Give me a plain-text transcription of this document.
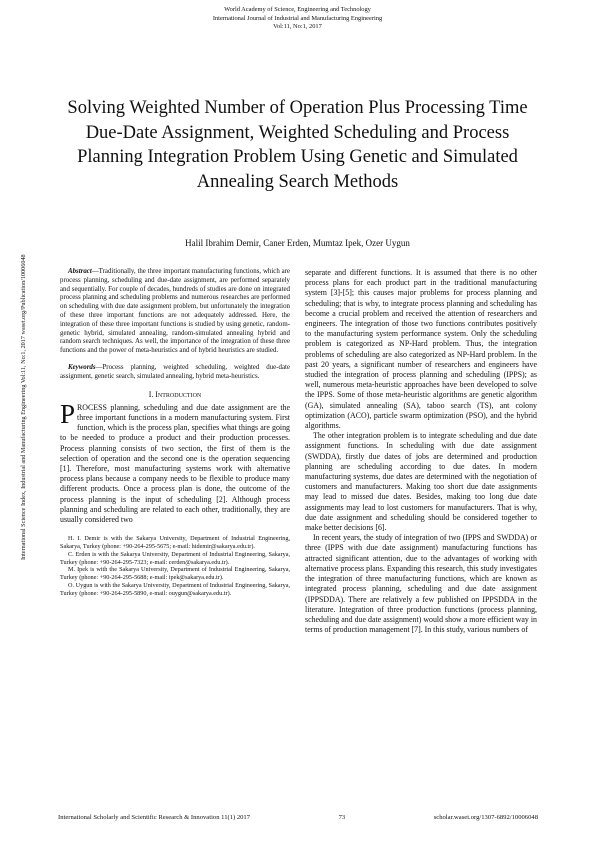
World Academy of Science, Engineering and Technology
International Journal of Industrial and Manufacturing Engineering
Vol:11, No:1, 2017
International Science Index, Industrial and Manufacturing Engineering Vol:11, No:1, 2017 waset.org/Publication/10006048
Solving Weighted Number of Operation Plus Processing Time Due-Date Assignment, Weighted Scheduling and Process Planning Integration Problem Using Genetic and Simulated Annealing Search Methods
Halil Ibrahim Demir, Caner Erden, Mumtaz Ipek, Ozer Uygun

Abstract—Traditionally, the three important manufacturing functions, which are process planning, scheduling and due-date assignment, are performed separately and sequentially. For couple of decades, hundreds of studies are done on integrated process planning and scheduling problems and numerous researches are performed on scheduling with due date assignment problem, but unfortunately the integration of these three important functions are not adequately addressed. Here, the integration of these three important functions is studied by using genetic, random-genetic hybrid, simulated annealing, random-simulated annealing hybrid and random search techniques. As well, the importance of the integration of these three functions and the power of meta-heuristics and of hybrid heuristics are studied.

Keywords—Process planning, weighted scheduling, weighted due-date assignment, genetic search, simulated annealing, hybrid meta-heuristics.

I. Introduction

PROCESS planning, scheduling and due date assignment are the three important functions in a modern manufacturing system. First function, which is the process plan, specifies what things are going to be needed to produce a product and their production processes. Process planning consists of two section, the first of them is the selection of operation and the second one is the operation sequencing [1]. Therefore, most manufacturing systems work with alternative process plans because a company needs to be flexible to produce many different products. Once a process plan is done, the outcome of the process planning is the input of scheduling [2]. Although process planning and scheduling are related to each other, traditionally, they are usually considered two

H. I. Demir is with the Sakarya University, Department of Industrial Engineering, Sakarya, Turkey (phone: +90-264-295-5675; e-mail: hidemir@sakarya.edu.tr).

C. Erden is with the Sakarya University, Department of Industrial Engineering, Sakarya, Turkey (phone: +90-264-295-7323; e-mail: cerden@sakarya.edu.tr).

M. Ipek is with the Sakarya University, Department of Industrial Engineering, Sakarya, Turkey (phone: +90-264-295-5688; e-mail: ipek@sakarya.edu.tr).

O. Uygun is with the Sakarya University, Department of Industrial Engineering, Sakarya, Turkey (phone: +90-264-295-5890, e-mail: ouygun@sakarya.edu.tr).

separate and different functions. It is assumed that there is no other process plans for each product part in the traditional manufacturing system [3]-[5]; this causes major problems for process planning and scheduling; that is why, to integrate process planning and scheduling has become a crucial problem and received the attention of researchers and engineers. The integration of those two functions contributes positively to the manufacturing system performance system. Only the scheduling problem is categorized as NP-Hard problem. Thus, the integration problems of scheduling are also categorized as NP-Hard problem. In the past 20 years, a significant number of researchers and engineers have studied the integration of process planning and scheduling (IPPS); as well, numerous meta-heuristic approaches have been developed to solve the IPPS. Some of those meta-heuristic algorithms are genetic algorithm (GA), simulated annealing (SA), taboo search (TS), ant colony optimization (ACO), particle swarm optimization (PSO), and the hybrid algorithms.

The other integration problem is to integrate scheduling and due date assignment functions. In scheduling with due date assignment (SWDDA), firstly due dates of jobs are determined and production planning are scheduling according to due dates. In modern manufacturing systems, due dates are determined with the negotiation of customers and manufacturers. Making too short due date assignments may lead to missed due dates. Besides, making too long due date assignments may lead to lost customers for manufacturers. That is why, due date assignment and scheduling should be considered together to make better decisions [6].

In recent years, the study of integration of two (IPPS and SWDDA) or three (IPPS with due date assignment) manufacturing functions has attracted significant attention, due to the advantages of working with alternative process plans. Expanding this research, this study investigates the integration of three manufacturing functions, which are known as integrated process planning, scheduling and due date assignment (IPPSDDA). There are relatively a few published on IPPSDDA in the literature. Integration of three production functions (process planning, scheduling and due date assignment) would show a more efficient way in terms of production management [7]. In this study, various numbers of

International Scholarly and Scientific Research & Innovation 11(1) 2017	73	scholar.waset.org/1307-6892/10006048
